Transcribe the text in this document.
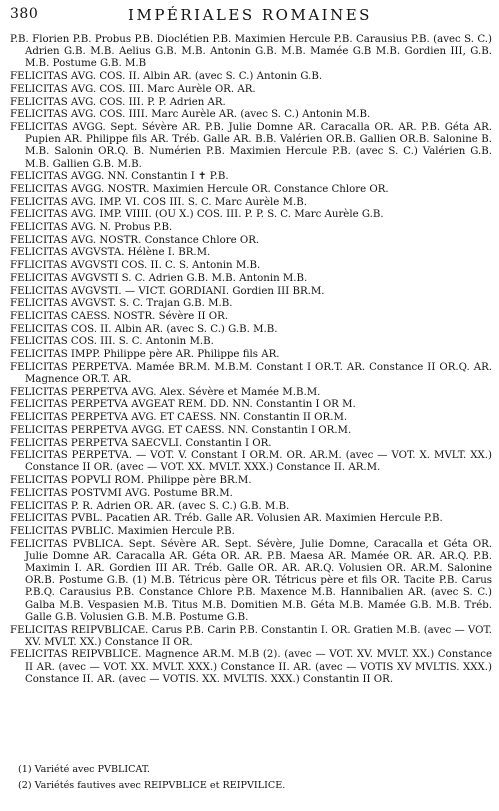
380	IMPÉRIALES ROMAINES

P.B. Florien P.B. Probus P.B. Dioclétien P.B. Maximien Hercule P.B. Carausius P.B. (avec S. C.) Adrien G.B. M.B. Aelius G.B. M.B. Antonin G.B. M.B. Mamée G.B M.B. Gordien III, G.B. M.B. Postume G.B. M.B

FELICITAS AVG. COS. II. Albin AR. (avec S. C.) Antonin G.B.

FELICITAS AVG. COS. III. Marc Aurèle OR. AR.

FELICITAS AVG. COS. III. P. P. Adrien AR.

FELICITAS AVG. COS. IIII. Marc Aurèle AR. (avec S. C.) Antonin M.B.

FELICITAS AVGG. Sept. Sévère AR. P.B. Julie Domne AR. Caracalla OR. AR. P.B. Géta AR. Pupien AR. Philippe fils AR. Tréb. Galle AR. B.B. Valérien OR.B. Gallien OR.B. Salonine B. M.B. Salonin OR.Q. B. Numérien P.B. Maximien Hercule P.B. (avec S. C.) Valérien G.B. M.B. Gallien G.B. M.B.

FELICITAS AVGG. NN. Constantin I ✝ P.B.

FELICITAS AVGG. NOSTR. Maximien Hercule OR. Constance Chlore OR.

FELICITAS AVG. IMP. VI. COS III. S. C. Marc Aurèle M.B.

FELICITAS AVG. IMP. VIIII. (OU X.) COS. III. P. P. S. C. Marc Aurèle G.B.

FELICITAS AVG. N. Probus P.B.

FELICITAS AVG. NOSTR. Constance Chlore OR.

FELICITAS AVGVSTA. Hélène I. BR.M.

FFLICITAS AVGVSTI COS. II. C. S. Antonin M.B.

FELICITAS AVGVSTI S. C. Adrien G.B. M.B. Antonin M.B.

FELICITAS AVGVSTI. — VICT. GORDIANI. Gordien III BR.M.

FELICITAS AVGVST. S. C. Trajan G.B. M.B.

FELICITAS CAESS. NOSTR. Sévère II OR.

FELICITAS COS. II. Albin AR. (avec S. C.) G.B. M.B.

FELICITAS COS. III. S. C. Antonin M.B.

FELICITAS IMPP. Philippe père AR. Philippe fils AR.

FELICITAS PERPETVA. Mamée BR.M. M.B.M. Constant I OR.T. AR. Constance II OR.Q. AR. Magnence OR.T. AR.

FELICITAS PERPETVA AVG. Alex. Sévère et Mamée M.B.M.

FELICITAS PERPETVA AVGEAT REM. DD. NN. Constantin I OR M.

FELICITAS PERPETVA AVG. ET CAESS. NN. Constantin II OR.M.

FELICITAS PERPETVA AVGG. ET CAESS. NN. Constantin I OR.M.

FELICITAS PERPETVA SAECVLI. Constantin I OR.

FELICITAS PERPETVA. — VOT. V. Constant I OR.M. OR. AR.M. (avec — VOT. X. MVLT. XX.) Constance II OR. (avec — VOT. XX. MVLT. XXX.) Constance II. AR.M.

FELICITAS POPVLI ROM. Philippe père BR.M.

FELICITAS POSTVMI AVG. Postume BR.M.

FELICITAS P. R. Adrien OR. AR. (avec S. C.) G.B. M.B.

FELICITAS PVBL. Pacatien AR. Tréb. Galle AR. Volusien AR. Maximien Hercule P.B.

FELICITAS PVBLIC. Maximien Hercule P.B.

FELICITAS PVBLICA. Sept. Sévère AR. Sept. Sévère, Julie Domne, Caracalla et Géta OR. Julie Domne AR. Caracalla AR. Géta OR. AR. P.B. Maesa AR. Mamée OR. AR. AR.Q. P.B. Maximin I. AR. Gordien III AR. Tréb. Galle OR. AR. AR.Q. Volusien OR. AR.M. Salonine OR.B. Postume G.B. (1) M.B. Tétricus père OR. Tétricus père et fils OR. Tacite P.B. Carus P.B.Q. Carausius P.B. Constance Chlore P.B. Maxence M.B. Hannibalien AR. (avec S. C.) Galba M.B. Vespasien M.B. Titus M.B. Domitien M.B. Géta M.B. Mamée G.B. M.B. Tréb. Galle G.B. Volusien G.B. M.B. Postume G.B.

FELICITAS REIPVBLICAE. Carus P.B. Carin P.B. Constantin I. OR. Gratien M.B. (avec — VOT. XV. MVLT. XX.) Constance II OR.

FELICITAS REIPVBLICE. Magnence AR.M. M.B (2). (avec — VOT. XV. MVLT. XX.) Constance II AR. (avec — VOT. XX. MVLT. XXX.) Constance II. AR. (avec — VOTIS XV MVLTIS. XXX.) Constance II. AR. (avec — VOTIS. XX. MVLTIS. XXX.) Constantin II OR.

(1) Variété avec PVBLICAT.

(2) Variétés fautives avec REIPVBLICE et REIPVILICE.
